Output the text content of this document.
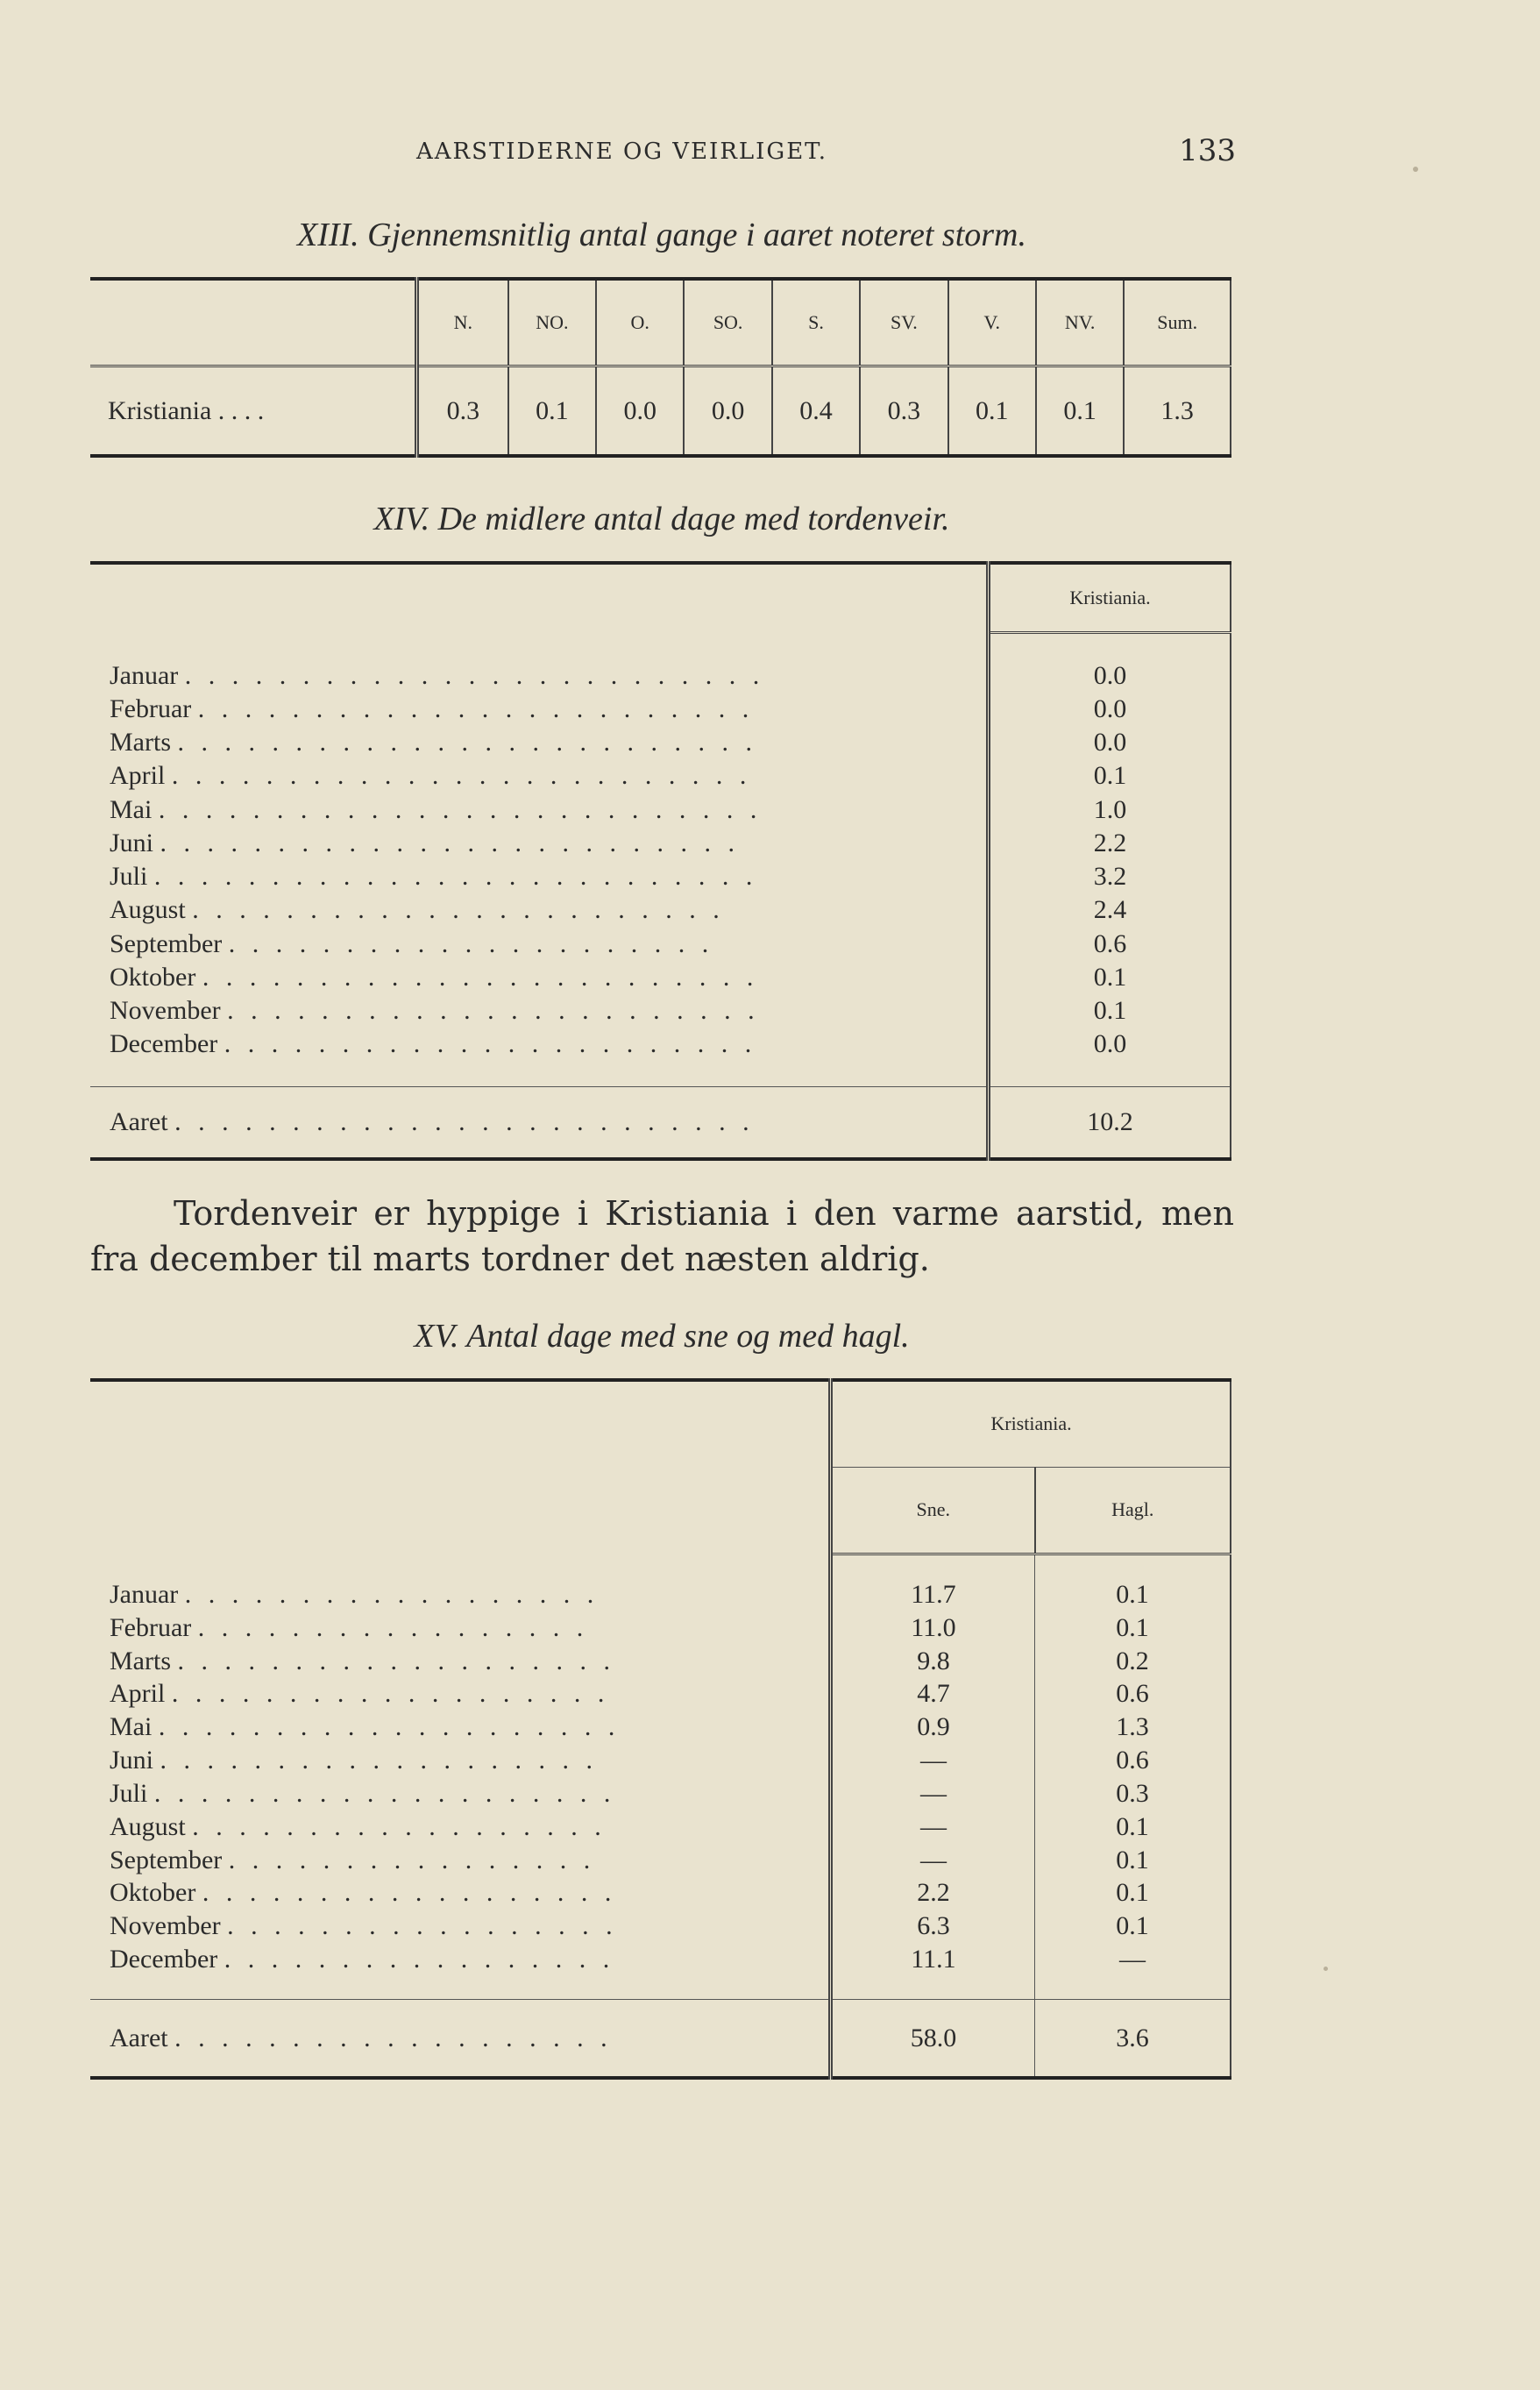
AARSTIDERNE OG VEIRLIGET.	133
XIII. Gjennemsnitlig antal gange i aaret noteret storm.
	N.	NO.	O.	SO.	S.	SV.	V.	NV.	Sum.
Kristiania . . . .	0.3	0.1	0.0	0.0	0.4	0.3	0.1	0.1	1.3
XIV. De midlere antal dage med tordenveir.
	Kristiania.

Januar . . . . . . . . . . . . . . . . . . . . . . . . .	0.0
Februar . . . . . . . . . . . . . . . . . . . . . . . .	0.0
Marts . . . . . . . . . . . . . . . . . . . . . . . . .	0.0
April . . . . . . . . . . . . . . . . . . . . . . . . .	0.1
Mai . . . . . . . . . . . . . . . . . . . . . . . . . .	1.0
Juni . . . . . . . . . . . . . . . . . . . . . . . . .	2.2
Juli . . . . . . . . . . . . . . . . . . . . . . . . . .	3.2
August . . . . . . . . . . . . . . . . . . . . . . .	2.4
September . . . . . . . . . . . . . . . . . . . . .	0.6
Oktober . . . . . . . . . . . . . . . . . . . . . . . .	0.1
November . . . . . . . . . . . . . . . . . . . . . . .	0.1
December . . . . . . . . . . . . . . . . . . . . . . .	0.0

Aaret . . . . . . . . . . . . . . . . . . . . . . . . .	10.2
Tordenveir er hyppige i Kristiania i den varme aarstid, men fra december til marts tordner det næsten aldrig.
XV. Antal dage med sne og med hagl.
	Kristiania.	
	Sne.	Hagl.

Januar . . . . . . . . . . . . . . . . . .	11.7	0.1
Februar . . . . . . . . . . . . . . . . .	11.0	0.1
Marts . . . . . . . . . . . . . . . . . . .	9.8	0.2
April . . . . . . . . . . . . . . . . . . .	4.7	0.6
Mai . . . . . . . . . . . . . . . . . . . .	0.9	1.3
Juni . . . . . . . . . . . . . . . . . . .	—	0.6
Juli . . . . . . . . . . . . . . . . . . . .	—	0.3
August . . . . . . . . . . . . . . . . . .	—	0.1
September . . . . . . . . . . . . . . . .	—	0.1
Oktober . . . . . . . . . . . . . . . . . .	2.2	0.1
November . . . . . . . . . . . . . . . . .	6.3	0.1
December . . . . . . . . . . . . . . . . .	11.1	—

Aaret . . . . . . . . . . . . . . . . . . .	58.0	3.6
